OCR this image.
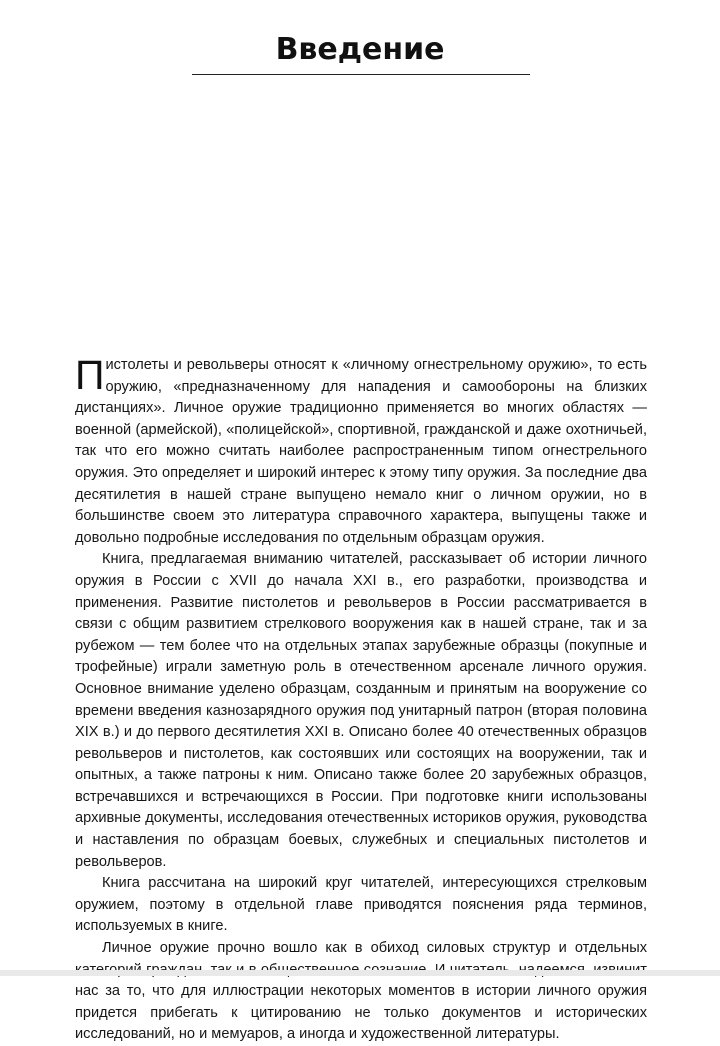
Введение

Пистолеты и револьверы относят к «личному огнестрельному оружию», то есть оружию, «предназначенному для нападения и самообороны на близких дистанциях». Личное оружие традиционно применяется во многих областях — военной (армейской), «полицейской», спортивной, гражданской и даже охотничьей, так что его можно считать наиболее распространенным типом огнестрельного оружия. Это определяет и широкий интерес к этому типу оружия. За последние два десятилетия в нашей стране выпущено немало книг о личном оружии, но в большинстве своем это литература справочного характера, выпущены также и довольно подробные исследования по отдельным образцам оружия.

Книга, предлагаемая вниманию читателей, рассказывает об истории личного оружия в России с XVII до начала XXI в., его разработки, производства и применения. Развитие пистолетов и револьверов в России рассматривается в связи с общим развитием стрелкового вооружения как в нашей стране, так и за рубежом — тем более что на отдельных этапах зарубежные образцы (покупные и трофейные) играли заметную роль в отечественном арсенале личного оружия. Основное внимание уделено образцам, созданным и принятым на вооружение со времени введения казнозарядного оружия под унитарный патрон (вторая половина XIX в.) и до первого десятилетия XXI в. Описано более 40 отечественных образцов револьверов и пистолетов, как состоявших или состоящих на вооружении, так и опытных, а также патроны к ним. Описано также более 20 зарубежных образцов, встречавшихся и встречающихся в России. При подготовке книги использованы архивные документы, исследования отечественных историков оружия, руководства и наставления по образцам боевых, служебных и специальных пистолетов и револьверов.

Книга рассчитана на широкий круг читателей, интересующихся стрелковым оружием, поэтому в отдельной главе приводятся пояснения ряда терминов, используемых в книге.

Личное оружие прочно вошло как в обиход силовых структур и отдельных нас за то, что для иллюстрации некоторых моментов в истории личного оружия придется прибегать к цитированию не только документов и исторических исследований, но и мемуаров, а иногда и художественной литературы.
